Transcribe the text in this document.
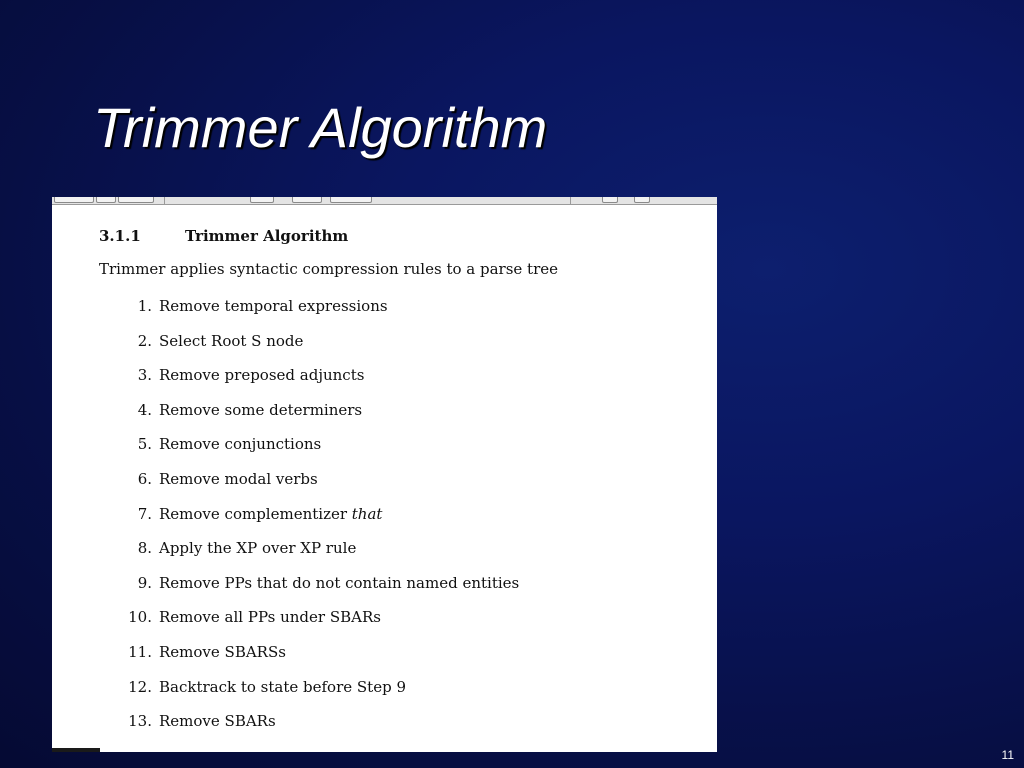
Trimmer Algorithm
3.1.1	Trimmer Algorithm

Trimmer applies syntactic compression rules to a parse tree

1. Remove temporal expressions
2. Select Root S node
3. Remove preposed adjuncts
4. Remove some determiners
5. Remove conjunctions
6. Remove modal verbs
7. Remove complementizer that
8. Apply the XP over XP rule
9. Remove PPs that do not contain named entities
10. Remove all PPs under SBARs
11. Remove SBARSs
12. Backtrack to state before Step 9
13. Remove SBARs
11
